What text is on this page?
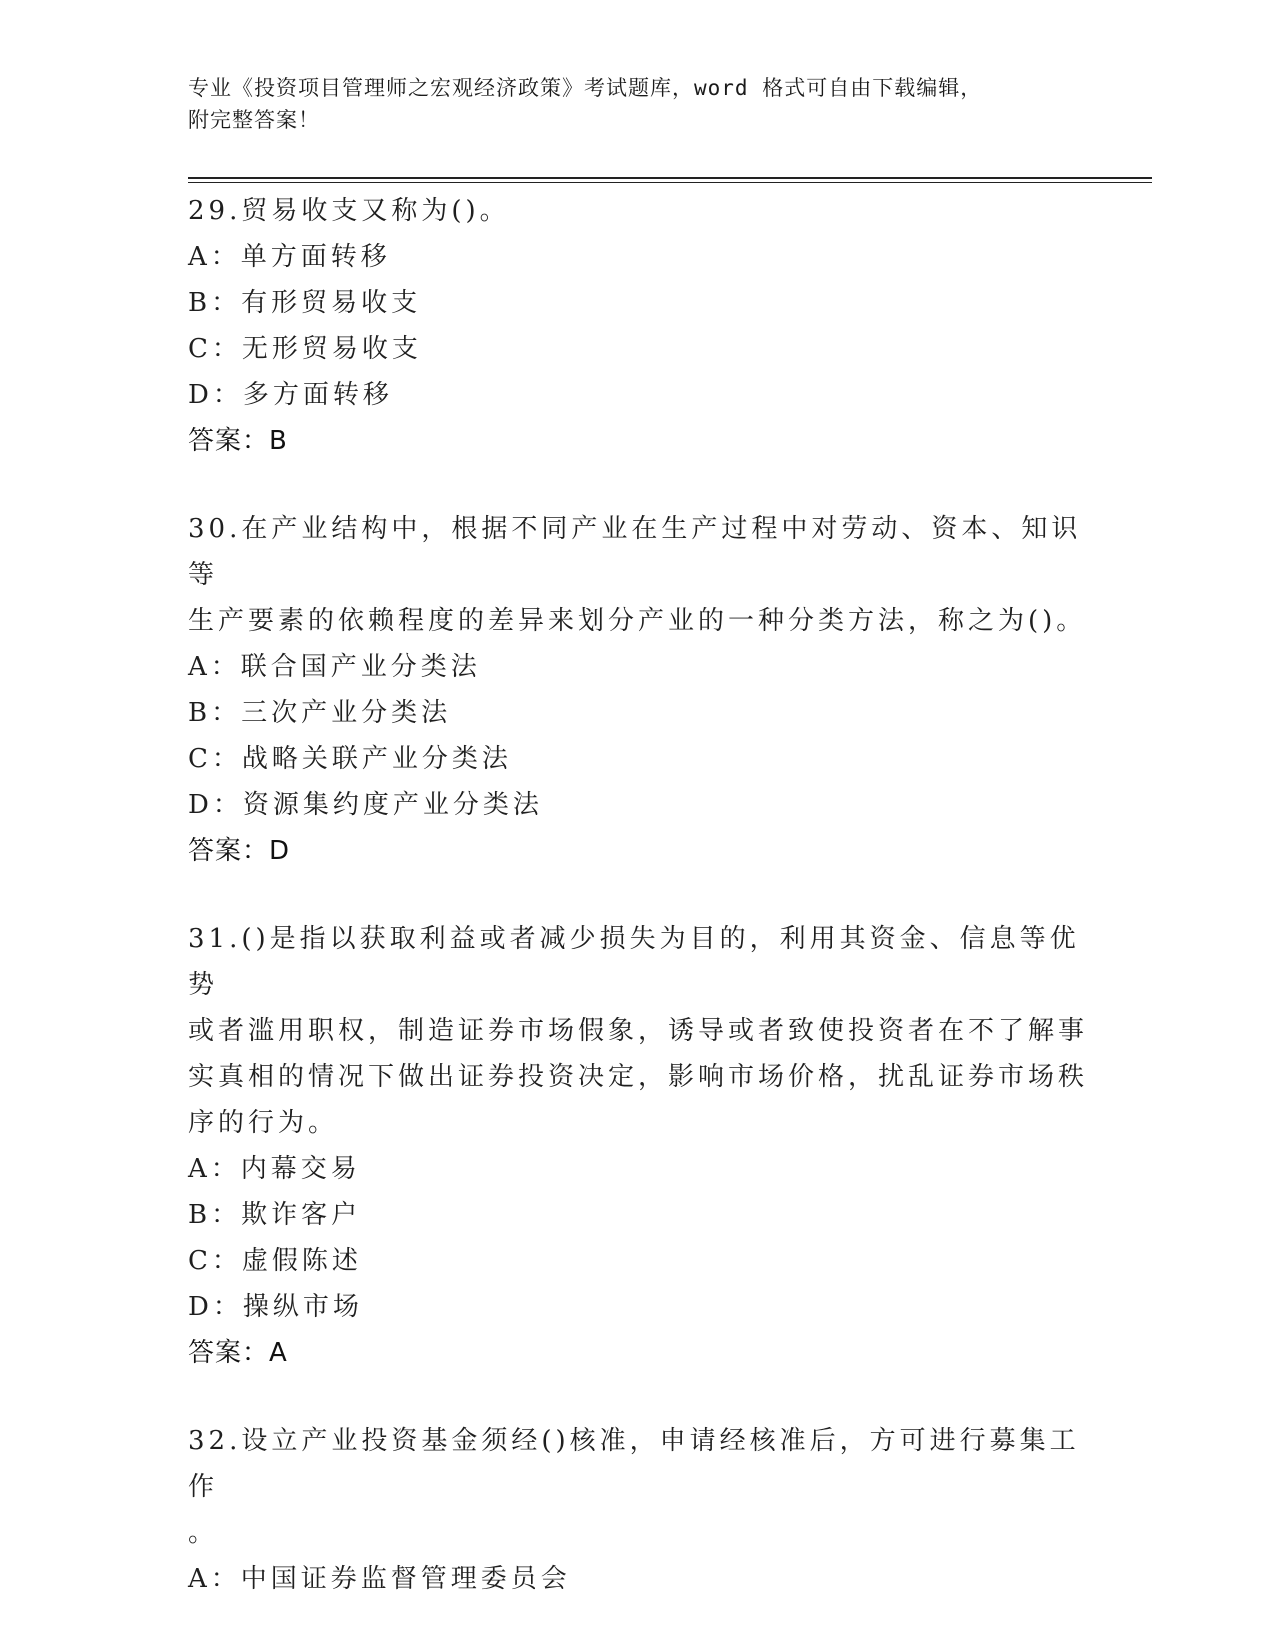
专业《投资项目管理师之宏观经济政策》考试题库，word 格式可自由下载编辑，
附完整答案！

29.贸易收支又称为()。

A：单方面转移

B：有形贸易收支

C：无形贸易收支

D：多方面转移

答案：B

30.在产业结构中，根据不同产业在生产过程中对劳动、资本、知识等

生产要素的依赖程度的差异来划分产业的一种分类方法，称之为()。

A：联合国产业分类法

B：三次产业分类法

C：战略关联产业分类法

D：资源集约度产业分类法

答案：D

31.()是指以获取利益或者减少损失为目的，利用其资金、信息等优势

或者滥用职权，制造证券市场假象，诱导或者致使投资者在不了解事

实真相的情况下做出证券投资决定，影响市场价格，扰乱证券市场秩

序的行为。

A：内幕交易

B：欺诈客户

C：虚假陈述

D：操纵市场

答案：A

32.设立产业投资基金须经()核准，申请经核准后，方可进行募集工作

。

A：中国证券监督管理委员会
